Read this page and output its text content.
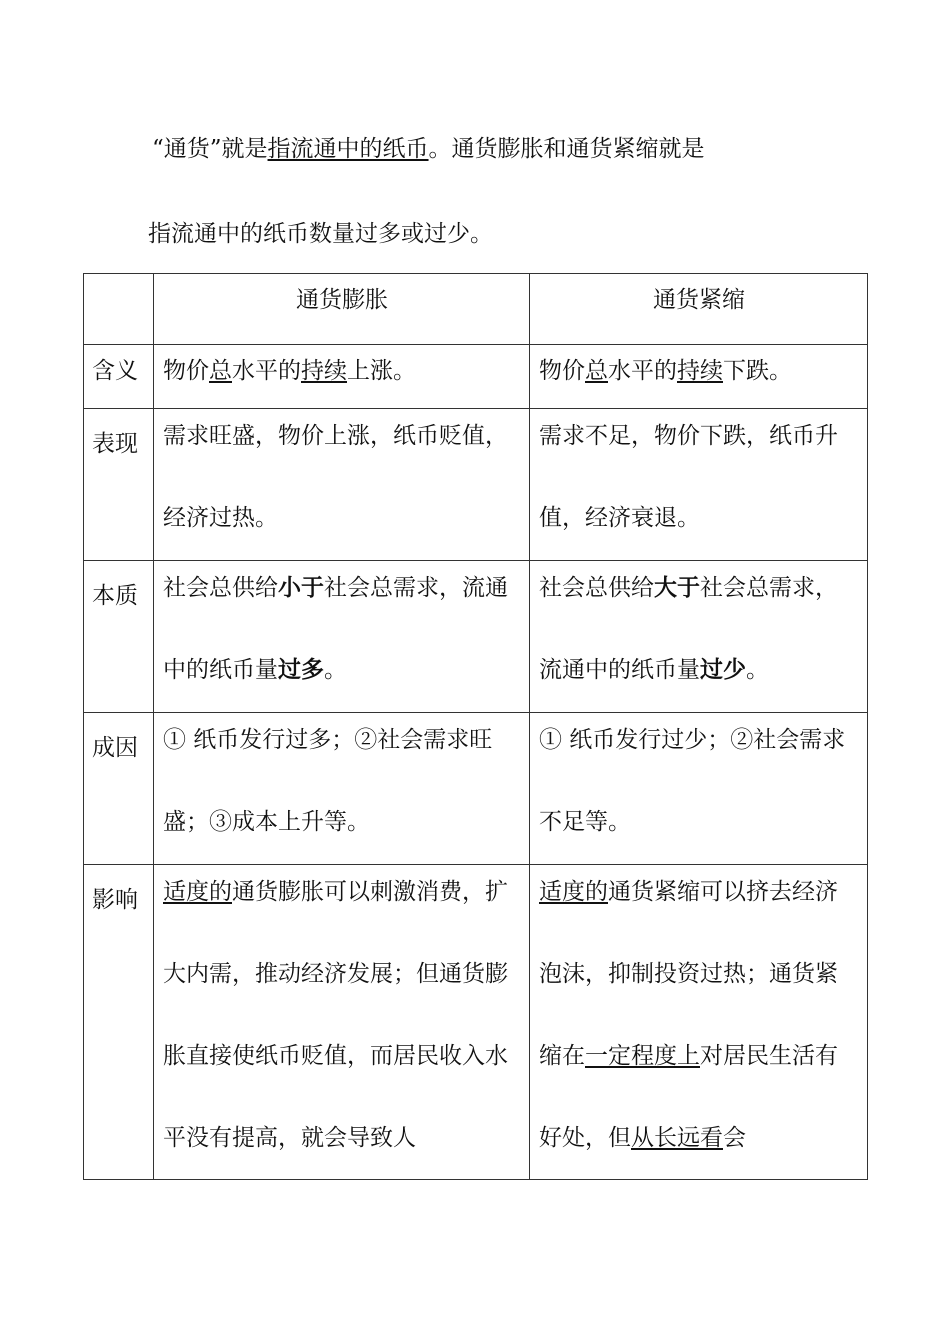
“通货”就是指流通中的纸币。通货膨胀和通货紧缩就是
指流通中的纸币数量过多或过少。
	通货膨胀	通货紧缩
含义	物价总水平的持续上涨。	物价总水平的持续下跌。

表现	需求旺盛，物价上涨，纸币贬值，经济过热。	需求不足，物价下跌，纸币升值，经济衰退。

本质	社会总供给小于社会总需求，流通中的纸币量过多。	社会总供给大于社会总需求，流通中的纸币量过少。

成因	① 纸币发行过多；②社会需求旺盛；③成本上升等。	① 纸币发行过少；②社会需求不足等。

影响	适度的通货膨胀可以刺激消费，扩大内需，推动经济发展；但通货膨胀直接使纸币贬值，而居民收入水平没有提高，就会导致人	适度的通货紧缩可以挤去经济泡沫，抑制投资过热；通货紧缩在一定程度上对居民生活有好处，但从长远看会
